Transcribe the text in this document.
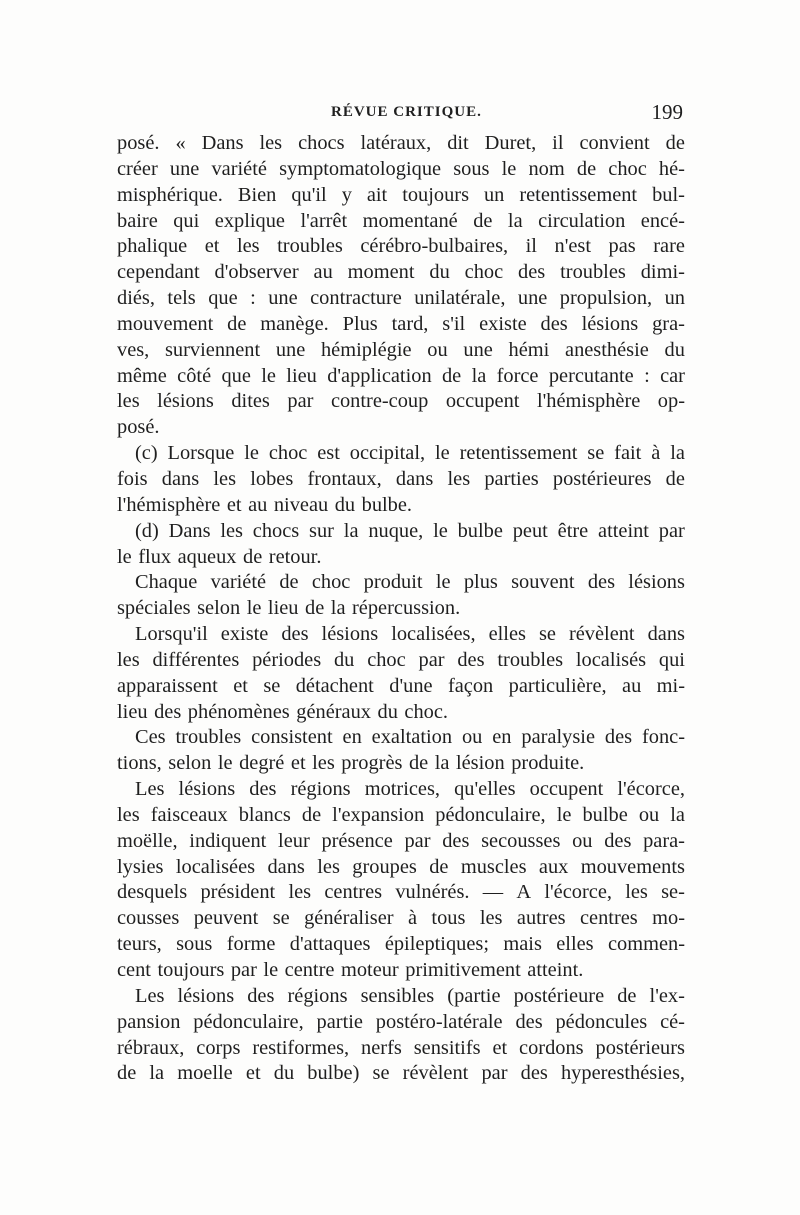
RÉVUE CRITIQUE.	199
posé. « Dans les chocs latéraux, dit Duret, il convient de
créer une variété symptomatologique sous le nom de choc hé-
misphérique. Bien qu'il y ait toujours un retentissement bul-
baire qui explique l'arrêt momentané de la circulation encé-
phalique et les troubles cérébro-bulbaires, il n'est pas rare
cependant d'observer au moment du choc des troubles dimi-
diés, tels que : une contracture unilatérale, une propulsion, un
mouvement de manège. Plus tard, s'il existe des lésions gra-
ves, surviennent une hémiplégie ou une hémi anesthésie du
même côté que le lieu d'application de la force percutante : car
les lésions dites par contre-coup occupent l'hémisphère op-
posé.
(c) Lorsque le choc est occipital, le retentissement se fait à la
fois dans les lobes frontaux, dans les parties postérieures de
l'hémisphère et au niveau du bulbe.
(d) Dans les chocs sur la nuque, le bulbe peut être atteint par
le flux aqueux de retour.
Chaque variété de choc produit le plus souvent des lésions
spéciales selon le lieu de la répercussion.
Lorsqu'il existe des lésions localisées, elles se révèlent dans
les différentes périodes du choc par des troubles localisés qui
apparaissent et se détachent d'une façon particulière, au mi-
lieu des phénomènes généraux du choc.
Ces troubles consistent en exaltation ou en paralysie des fonc-
tions, selon le degré et les progrès de la lésion produite.
Les lésions des régions motrices, qu'elles occupent l'écorce,
les faisceaux blancs de l'expansion pédonculaire, le bulbe ou la
moëlle, indiquent leur présence par des secousses ou des para-
lysies localisées dans les groupes de muscles aux mouvements
desquels président les centres vulnérés. — A l'écorce, les se-
cousses peuvent se généraliser à tous les autres centres mo-
teurs, sous forme d'attaques épileptiques; mais elles commen-
cent toujours par le centre moteur primitivement atteint.
Les lésions des régions sensibles (partie postérieure de l'ex-
pansion pédonculaire, partie postéro-latérale des pédoncules cé-
rébraux, corps restiformes, nerfs sensitifs et cordons postérieurs
de la moelle et du bulbe) se révèlent par des hyperesthésies,
